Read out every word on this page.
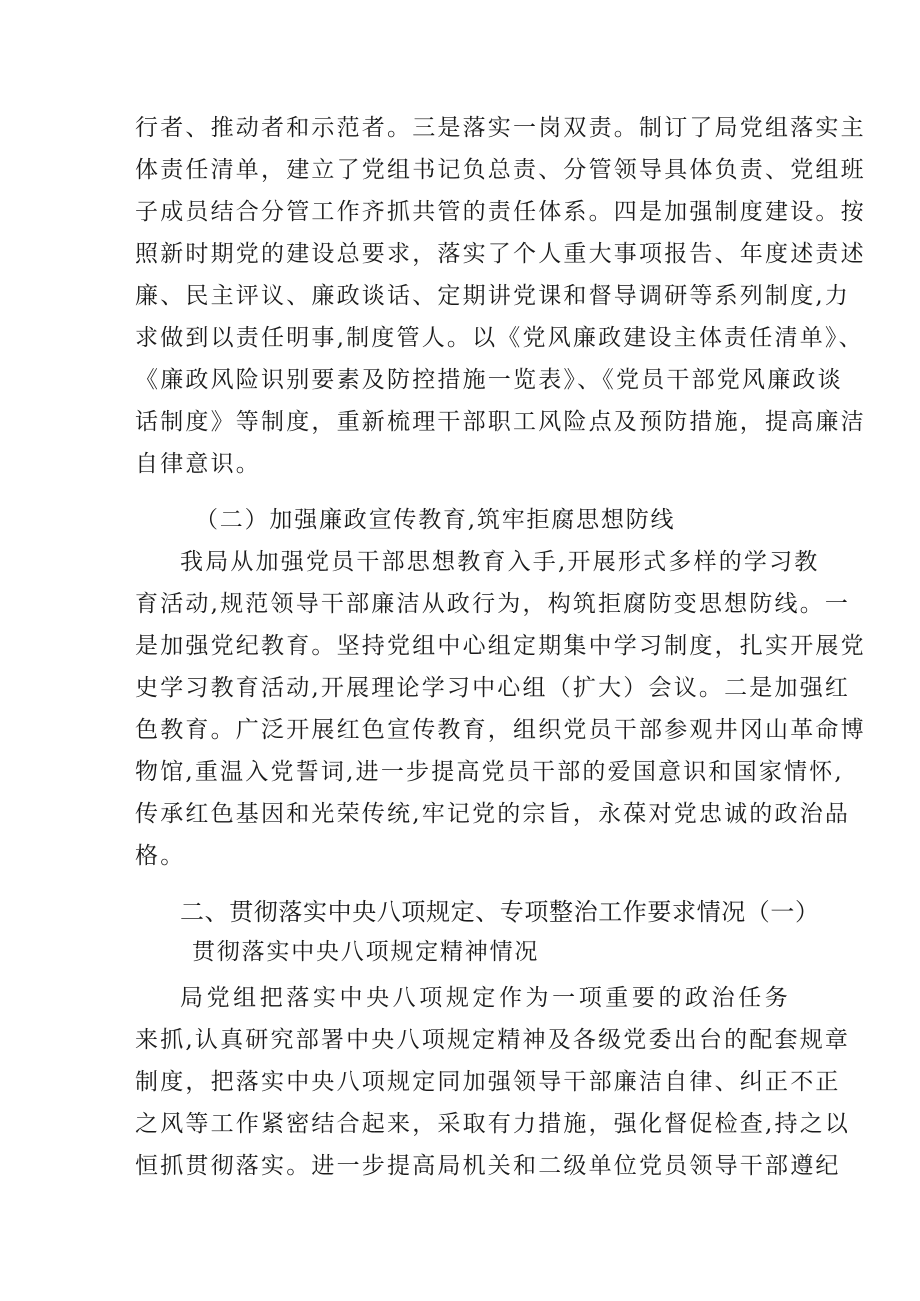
行者、推动者和示范者。三是落实一岗双责。制订了局党组落实主
体责任清单，建立了党组书记负总责、分管领导具体负责、党组班
子成员结合分管工作齐抓共管的责任体系。四是加强制度建设。按
照新时期党的建设总要求，落实了个人重大事项报告、年度述责述
廉、民主评议、廉政谈话、定期讲党课和督导调研等系列制度,力
求做到以责任明事,制度管人。以《党风廉政建设主体责任清单》、
《廉政风险识别要素及防控措施一览表》、《党员干部党风廉政谈
话制度》等制度，重新梳理干部职工风险点及预防措施，提高廉洁
自律意识。
（二）加强廉政宣传教育,筑牢拒腐思想防线
我局从加强党员干部思想教育入手,开展形式多样的学习教
育活动,规范领导干部廉洁从政行为，构筑拒腐防变思想防线。一
是加强党纪教育。坚持党组中心组定期集中学习制度，扎实开展党
史学习教育活动,开展理论学习中心组（扩大）会议。二是加强红
色教育。广泛开展红色宣传教育，组织党员干部参观井冈山革命博
物馆,重温入党誓词,进一步提高党员干部的爱国意识和国家情怀,
传承红色基因和光荣传统,牢记党的宗旨，永葆对党忠诚的政治品
格。
二、贯彻落实中央八项规定、专项整治工作要求情况（一）
贯彻落实中央八项规定精神情况
局党组把落实中央八项规定作为一项重要的政治任务
来抓,认真研究部署中央八项规定精神及各级党委出台的配套规章
制度，把落实中央八项规定同加强领导干部廉洁自律、纠正不正
之风等工作紧密结合起来，采取有力措施，强化督促检查,持之以
恒抓贯彻落实。进一步提高局机关和二级单位党员领导干部遵纪
